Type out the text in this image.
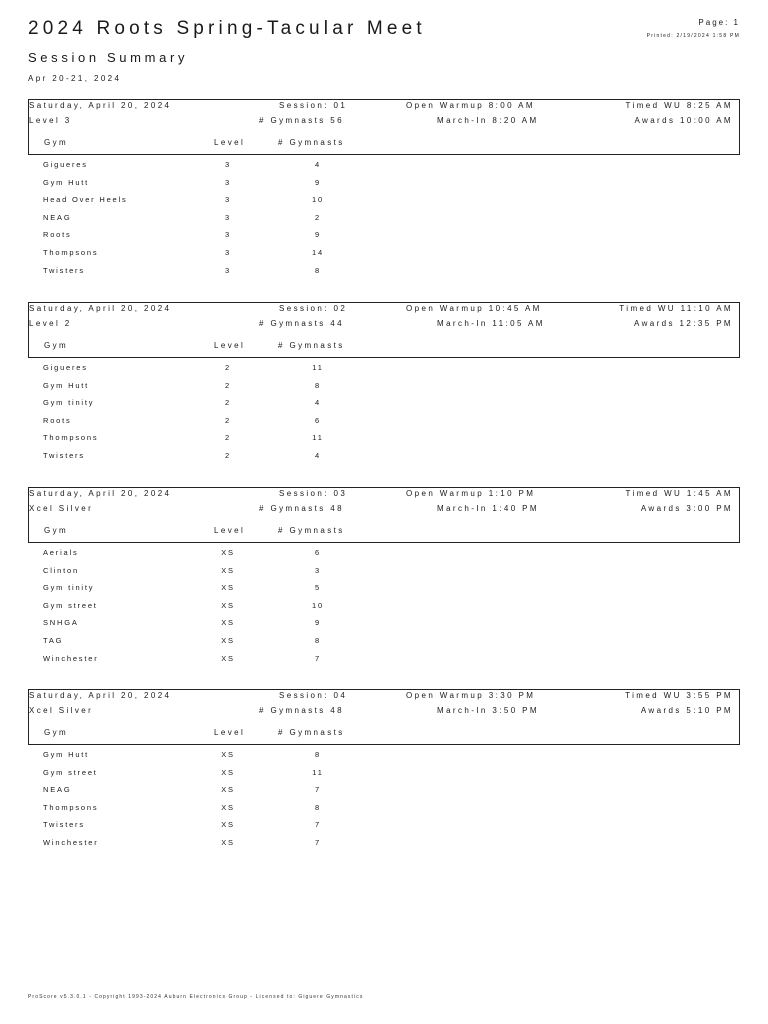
2024 Roots Spring-Tacular Meet
Session Summary
Apr 20-21, 2024
Page: 1
Printed: 2/19/2024 1:58 PM
Saturday, April 20, 2024
Level 3
Session: 01
# Gymnasts 56
Open Warmup 8:00 AM
March-In 8:20 AM
Timed WU 8:25 AM
Awards 10:00 AM
Gym	Level	# Gymnasts
Gigueres	3	4
Gym Hutt	3	9
Head Over Heels	3	10
NEAG	3	2
Roots	3	9
Thompsons	3	14
Twisters	3	8
Saturday, April 20, 2024
Level 2
Session: 02
# Gymnasts 44
Open Warmup 10:45 AM
March-In 11:05 AM
Timed WU 11:10 AM
Awards 12:35 PM
Gym	Level	# Gymnasts
Gigueres	2	11
Gym Hutt	2	8
Gym tinity	2	4
Roots	2	6
Thompsons	2	11
Twisters	2	4
Saturday, April 20, 2024
Xcel Silver
Session: 03
# Gymnasts 48
Open Warmup 1:10 PM
March-In 1:40 PM
Timed WU 1:45 AM
Awards 3:00 PM
Gym	Level	# Gymnasts
Aerials	XS	6
Clinton	XS	3
Gym tinity	XS	5
Gym street	XS	10
SNHGA	XS	9
TAG	XS	8
Winchester	XS	7
Saturday, April 20, 2024
Xcel Silver
Session: 04
# Gymnasts 48
Open Warmup 3:30 PM
March-In 3:50 PM
Timed WU 3:55 PM
Awards 5:10 PM
Gym	Level	# Gymnasts
Gym Hutt	XS	8
Gym street	XS	11
NEAG	XS	7
Thompsons	XS	8
Twisters	XS	7
Winchester	XS	7
ProScore v5.3.0.1 - Copyright 1993-2024 Auburn Electronics Group - Licensed to: Giguere Gymnastics
